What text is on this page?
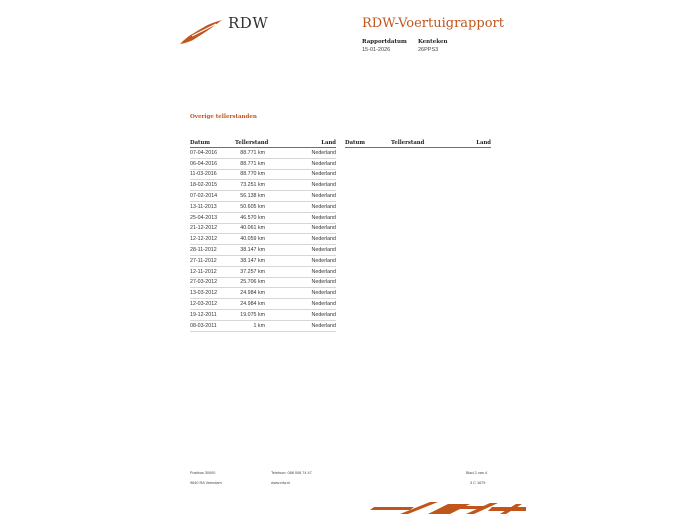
RDW	RDW-Voertuigrapport
Rapportdatum
15-01-2026
Kenteken
26PPS3
Overige tellerstanden
Datum	Tellerstand	Land
07-04-2016	88.771 km	Nederland
06-04-2016	88.771 km	Nederland
11-03-2016	88.770 km	Nederland
18-02-2015	73.251 km	Nederland
07-02-2014	56.138 km	Nederland
13-11-2013	50.605 km	Nederland
25-04-2013	46.570 km	Nederland
21-12-2012	40.061 km	Nederland
12-12-2012	40.059 km	Nederland
28-11-2012	38.147 km	Nederland
27-11-2012	38.147 km	Nederland
12-11-2012	37.257 km	Nederland
27-03-2012	25.706 km	Nederland
13-03-2012	24.984 km	Nederland
12-03-2012	24.984 km	Nederland
19-12-2011	19.075 km	Nederland
08-03-2011	1 km	Nederland
Datum	Tellerstand	Land
Postbus 30000
9640 RA Veendam
Telefoon: 088 008 74 47
www.rdw.nl
Blad 2 van 4
3 C 1679
